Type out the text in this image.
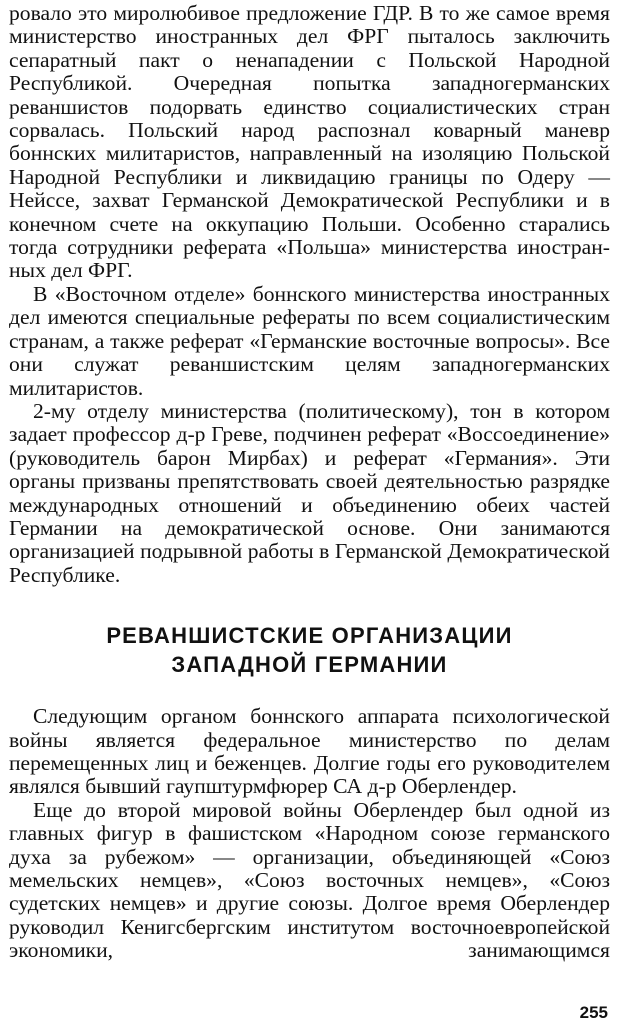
ровало это миролюбивое предложение ГДР. В то же самое время министерство иностранных дел ФРГ пыталось заключить сепаратный пакт о ненападении с Польской Народной Республикой. Очередная попытка западногерманских реваншистов подорвать единство социалистических стран сорвалась. Польский народ распознал коварный маневр боннских милитаристов, направленный на изоляцию Польской Народной Республики и ликвидацию границы по Одеру — Нейссе, захват Германской Демократической Республики и в конечном счете на оккупацию Польши. Особенно старались тогда сотрудники реферата «Польша» министерства иностранных дел ФРГ.

В «Восточном отделе» боннского министерства иностранных дел имеются специальные рефераты по всем социалистическим странам, а также реферат «Германские восточные вопросы». Все они служат реваншистским целям западногерманских милитаристов.

2-му отделу министерства (политическому), тон в котором задает профессор д-р Греве, подчинен реферат «Воссоединение» (руководитель барон Мирбах) и реферат «Германия». Эти органы призваны препятствовать своей деятельностью разрядке международных отношений и объединению обеих частей Германии на демократической основе. Они занимаются организацией подрывной работы в Германской Демократической Республике.

РЕВАНШИСТСКИЕ ОРГАНИЗАЦИИ
ЗАПАДНОЙ ГЕРМАНИИ

Следующим органом боннского аппарата психологической войны является федеральное министерство по делам перемещенных лиц и беженцев. Долгие годы его руководителем являлся бывший гаупштурмфюрер СА д-р Оберлендер.

Еще до второй мировой войны Оберлендер был одной из главных фигур в фашистском «Народном союзе германского духа за рубежом» — организации, объединяющей «Союз мемельских немцев», «Союз восточных немцев», «Союз судетских немцев» и другие союзы. Долгое время Оберлендер руководил Кенигсбергским институтом восточноевропейской экономики, занимающимся

255
